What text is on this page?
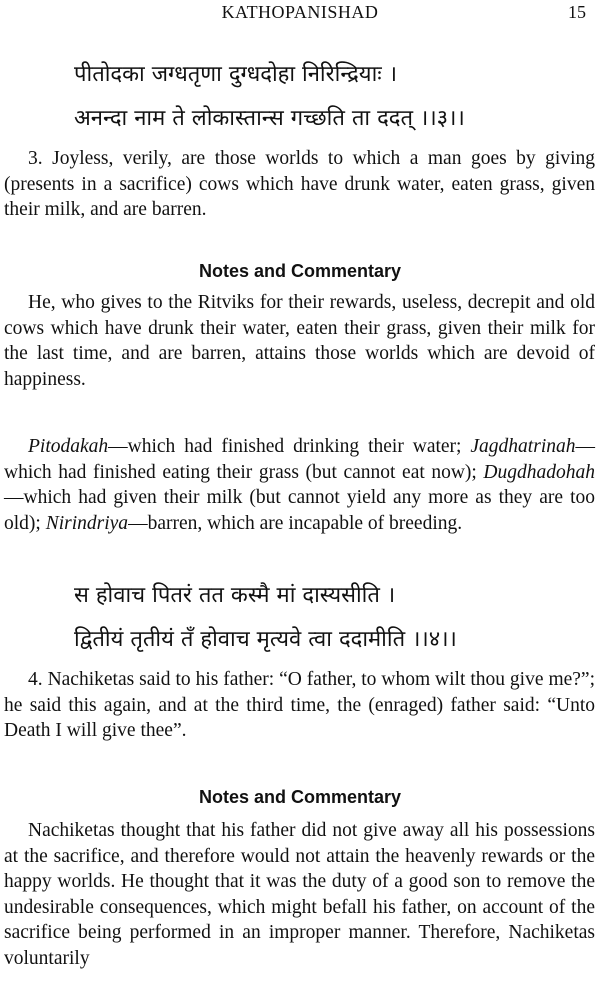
KATHOPANISHAD	15
पीतोदका जग्धतृणा दुग्धदोहा निरिन्द्रियाः ।
अनन्दा नाम ते लोकास्तान्स गच्छति ता ददत् ।।३।।

3. Joyless, verily, are those worlds to which a man goes by giving (presents in a sacrifice) cows which have drunk water, eaten grass, given their milk, and are barren.

Notes and Commentary

He, who gives to the Ritviks for their rewards, useless, decrepit and old cows which have drunk their water, eaten their grass, given their milk for the last time, and are barren, attains those worlds which are devoid of happiness.

Pitodakah—which had finished drinking their water; Jagdhatrinah—which had finished eating their grass (but cannot eat now); Dugdhadohah—which had given their milk (but cannot yield any more as they are too old); Nirindriya—barren, which are incapable of breeding.

स होवाच पितरं तत कस्मै मां दास्यसीति ।
द्वितीयं तृतीयं तँ होवाच मृत्यवे त्वा ददामीति ।।४।।

4. Nachiketas said to his father: “O father, to whom wilt thou give me?”; he said this again, and at the third time, the (enraged) father said: “Unto Death I will give thee”.

Notes and Commentary

Nachiketas thought that his father did not give away all his possessions at the sacrifice, and therefore would not attain the heavenly rewards or the happy worlds. He thought that it was the duty of a good son to remove the undesirable consequences, which might befall his father, on account of the sacrifice being performed in an improper manner. Therefore, Nachiketas voluntarily
